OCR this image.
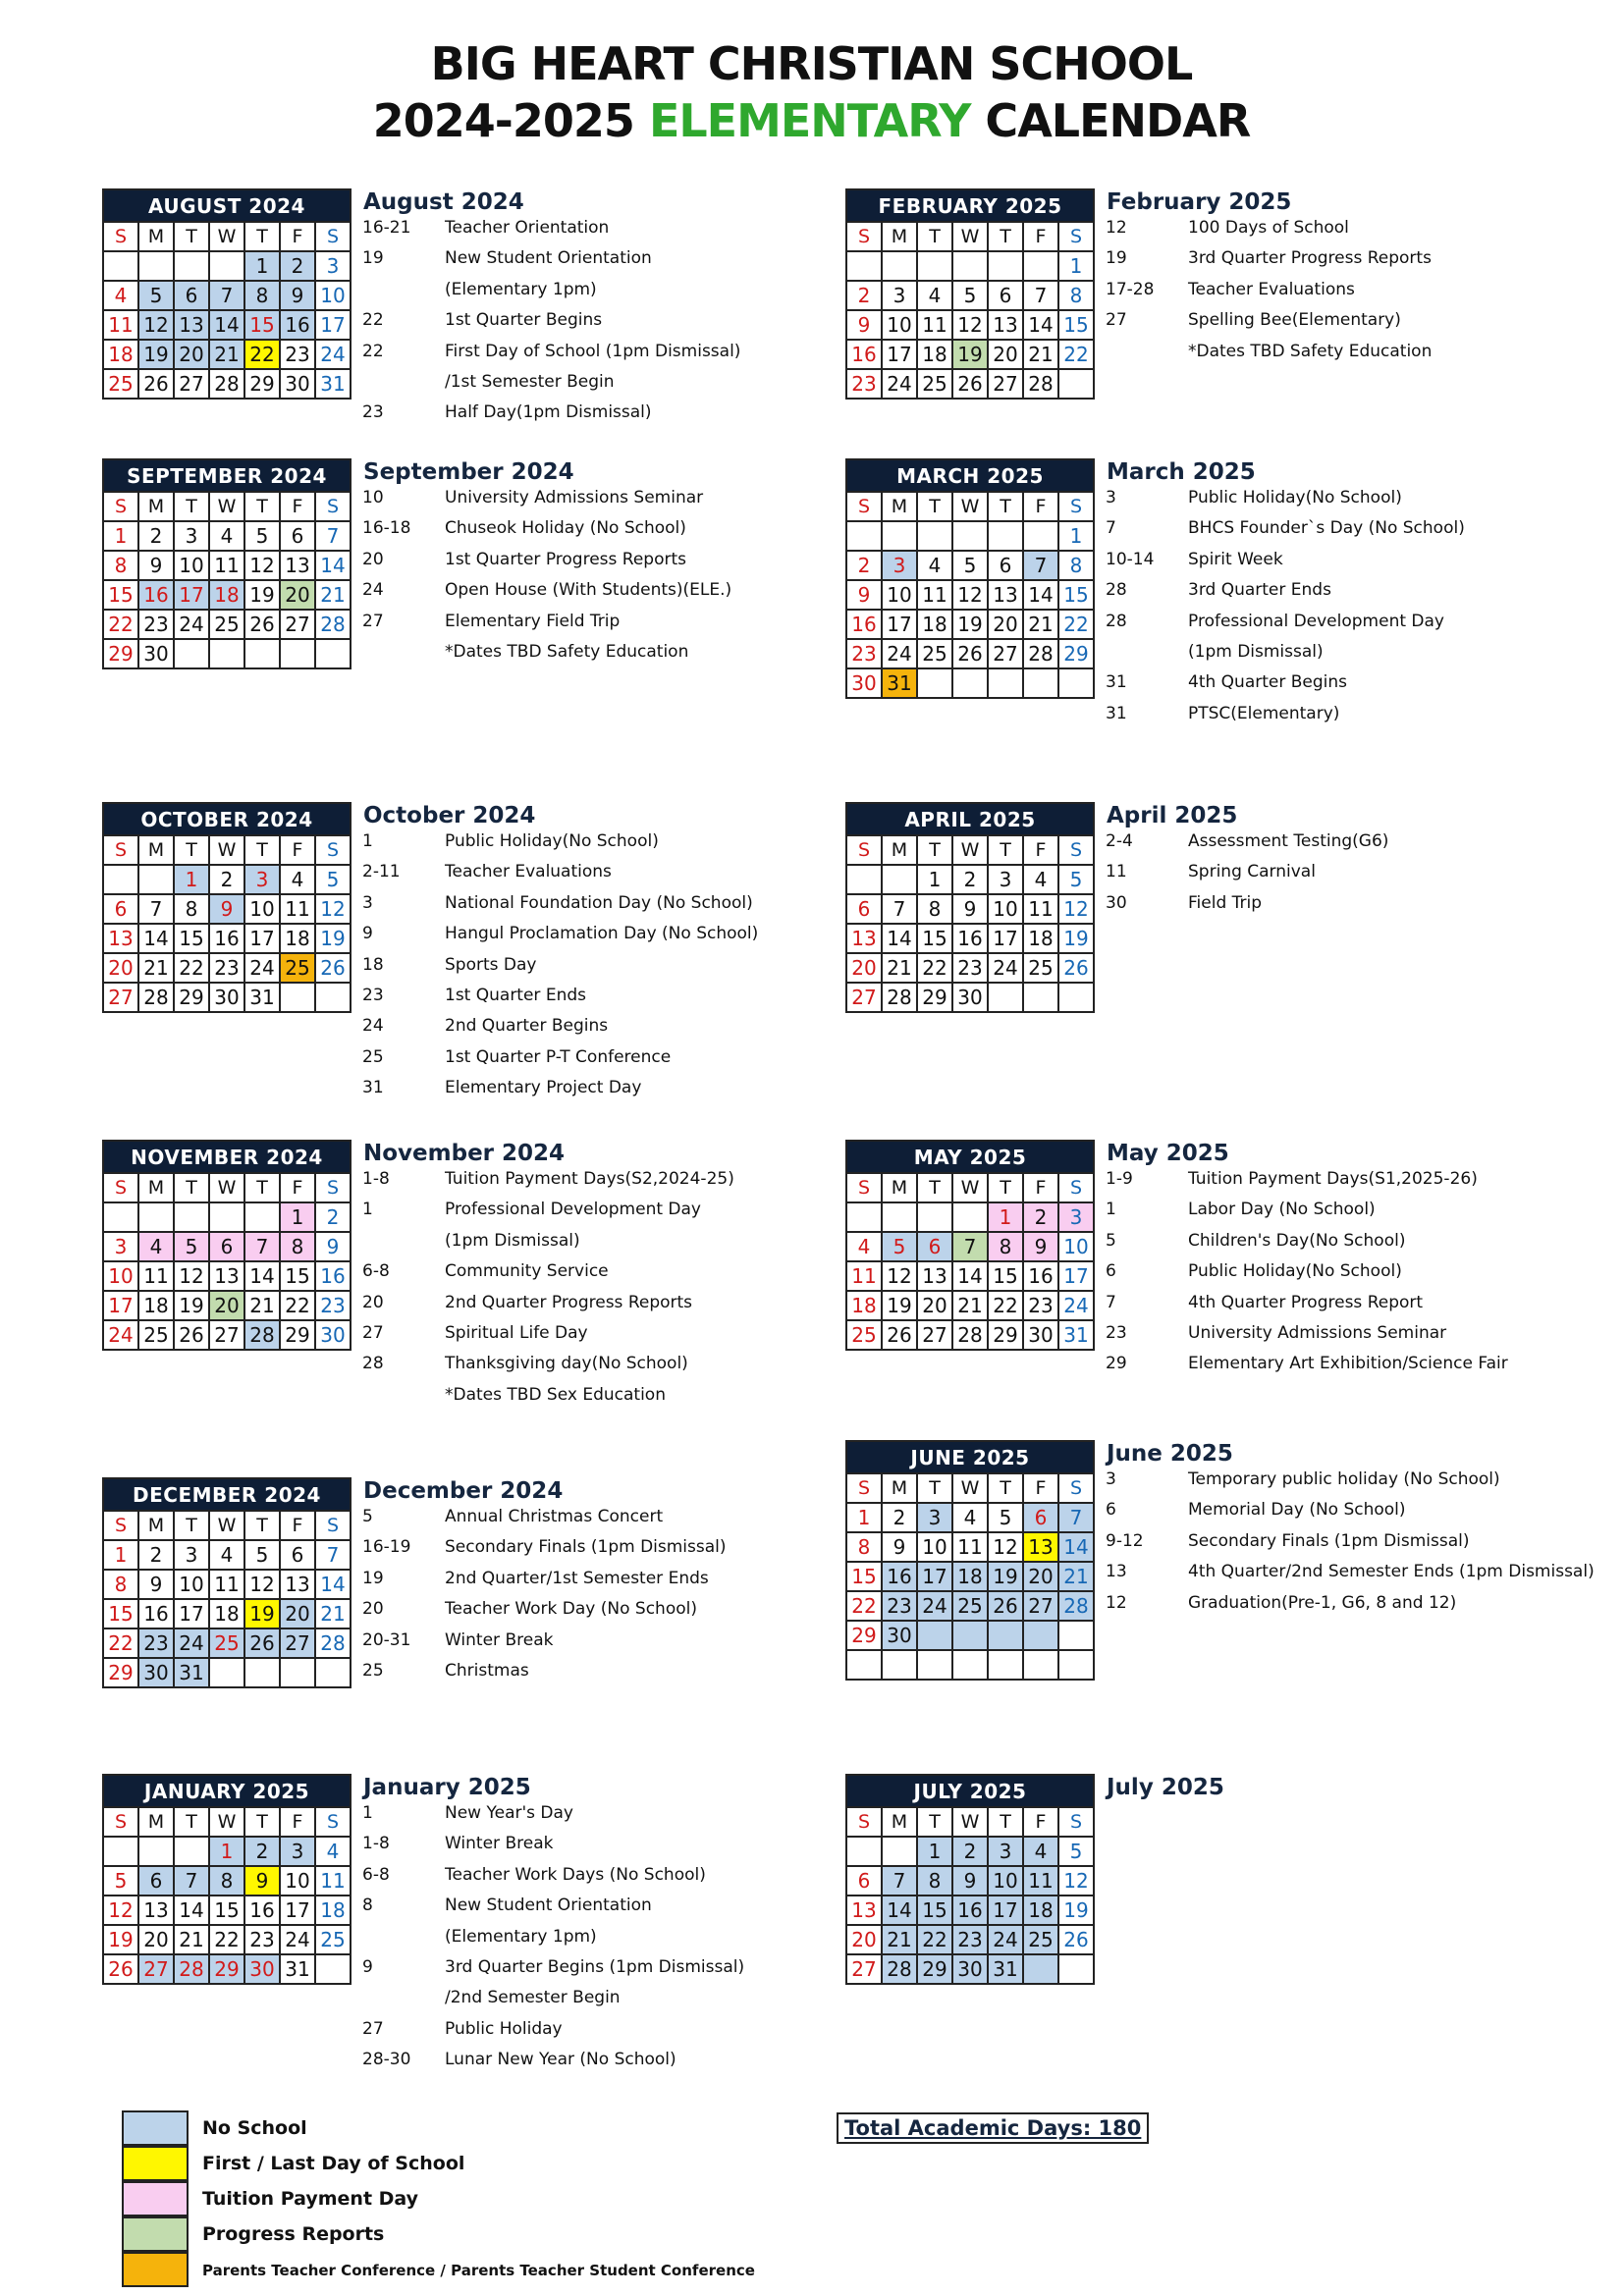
BIG HEART CHRISTIAN SCHOOL
2024-2025 ELEMENTARY CALENDAR
AUGUST 2024						
S	M	T	W	T	F	S
				1	2	3
4	5	6	7	8	9	10
11	12	13	14	15	16	17
18	19	20	21	22	23	24
25	26	27	28	29	30	31
August 2024
16-21 Teacher Orientation
19	New Student Orientation
(Elementary 1pm)
22	1st Quarter Begins
22	First Day of School (1pm Dismissal)
/1st Semester Begin
23	Half Day(1pm Dismissal)
SEPTEMBER 2024						
S	M	T	W	T	F	S
1	2	3	4	5	6	7
8	9	10	11	12	13	14
15	16	17	18	19	20	21
22	23	24	25	26	27	28
29	30					
September 2024
10	University Admissions Seminar
16-18 Chuseok Holiday (No School)
20	1st Quarter Progress Reports
24	Open House (With Students)(ELE.)
27	Elementary Field Trip
*Dates TBD Safety Education
OCTOBER 2024						
S	M	T	W	T	F	S
		1	2	3	4	5
6	7	8	9	10	11	12
13	14	15	16	17	18	19
20	21	22	23	24	25	26
27	28	29	30	31		
October 2024
1	Public Holiday(No School)
2-11	Teacher Evaluations
3	National Foundation Day (No School)
9	Hangul Proclamation Day (No School)
18	Sports Day
23	1st Quarter Ends
24	2nd Quarter Begins
25	1st Quarter P-T Conference
31	Elementary Project Day
NOVEMBER 2024						
S	M	T	W	T	F	S
					1	2
3	4	5	6	7	8	9
10	11	12	13	14	15	16
17	18	19	20	21	22	23
24	25	26	27	28	29	30
November 2024
1-8	Tuition Payment Days(S2,2024-25)
1	Professional Development Day
(1pm Dismissal)
6-8	Community Service
20	2nd Quarter Progress Reports
27	Spiritual Life Day
28	Thanksgiving day(No School)
*Dates TBD Sex Education
DECEMBER 2024						
S	M	T	W	T	F	S
1	2	3	4	5	6	7
8	9	10	11	12	13	14
15	16	17	18	19	20	21
22	23	24	25	26	27	28
29	30	31				
December 2024
5	Annual Christmas Concert
16-19 Secondary Finals (1pm Dismissal)
19	2nd Quarter/1st Semester Ends
20	Teacher Work Day (No School)
20-31 Winter Break
25	Christmas
JANUARY 2025						
S	M	T	W	T	F	S
			1	2	3	4
5	6	7	8	9	10	11
12	13	14	15	16	17	18
19	20	21	22	23	24	25
26	27	28	29	30	31	
January 2025
1	New Year's Day
1-8	Winter Break
6-8	Teacher Work Days (No School)
8	New Student Orientation
(Elementary 1pm)
9	3rd Quarter Begins (1pm Dismissal)
/2nd Semester Begin
27	Public Holiday
28-30 Lunar New Year (No School)
FEBRUARY 2025						
S	M	T	W	T	F	S
						1
2	3	4	5	6	7	8
9	10	11	12	13	14	15
16	17	18	19	20	21	22
23	24	25	26	27	28	
February 2025
12	100 Days of School
19	3rd Quarter Progress Reports
17-28 Teacher Evaluations
27	Spelling Bee(Elementary)
*Dates TBD Safety Education
MARCH 2025						
S	M	T	W	T	F	S
						1
2	3	4	5	6	7	8
9	10	11	12	13	14	15
16	17	18	19	20	21	22
23	24	25	26	27	28	29
30	31					
March 2025
3	Public Holiday(No School)
7	BHCS Founder`s Day (No School)
10-14 Spirit Week
28	3rd Quarter Ends
28	Professional Development Day
(1pm Dismissal)
31	4th Quarter Begins
31	PTSC(Elementary)
APRIL 2025						
S	M	T	W	T	F	S
		1	2	3	4	5
6	7	8	9	10	11	12
13	14	15	16	17	18	19
20	21	22	23	24	25	26
27	28	29	30			
April 2025
2-4	Assessment Testing(G6)
11	Spring Carnival
30	Field Trip
MAY 2025						
S	M	T	W	T	F	S
				1	2	3
4	5	6	7	8	9	10
11	12	13	14	15	16	17
18	19	20	21	22	23	24
25	26	27	28	29	30	31
May 2025
1-9	Tuition Payment Days(S1,2025-26)
1	Labor Day (No School)
5	Children's Day(No School)
6	Public Holiday(No School)
7	4th Quarter Progress Report
23	University Admissions Seminar
29	Elementary Art Exhibition/Science Fair
JUNE 2025						
S	M	T	W	T	F	S
1	2	3	4	5	6	7
8	9	10	11	12	13	14
15	16	17	18	19	20	21
22	23	24	25	26	27	28
29	30					

June 2025
3	Temporary public holiday (No School)
6	Memorial Day (No School)
9-12	Secondary Finals (1pm Dismissal)
13	4th Quarter/2nd Semester Ends (1pm Dismissal)
12	Graduation(Pre-1, G6, 8 and 12)
JULY 2025						
S	M	T	W	T	F	S
		1	2	3	4	5
6	7	8	9	10	11	12
13	14	15	16	17	18	19
20	21	22	23	24	25	26
27	28	29	30	31		
July 2025
No School
First / Last Day of School
Tuition Payment Day
Progress Reports
Parents Teacher Conference / Parents Teacher Student Conference
Total Academic Days: 180
